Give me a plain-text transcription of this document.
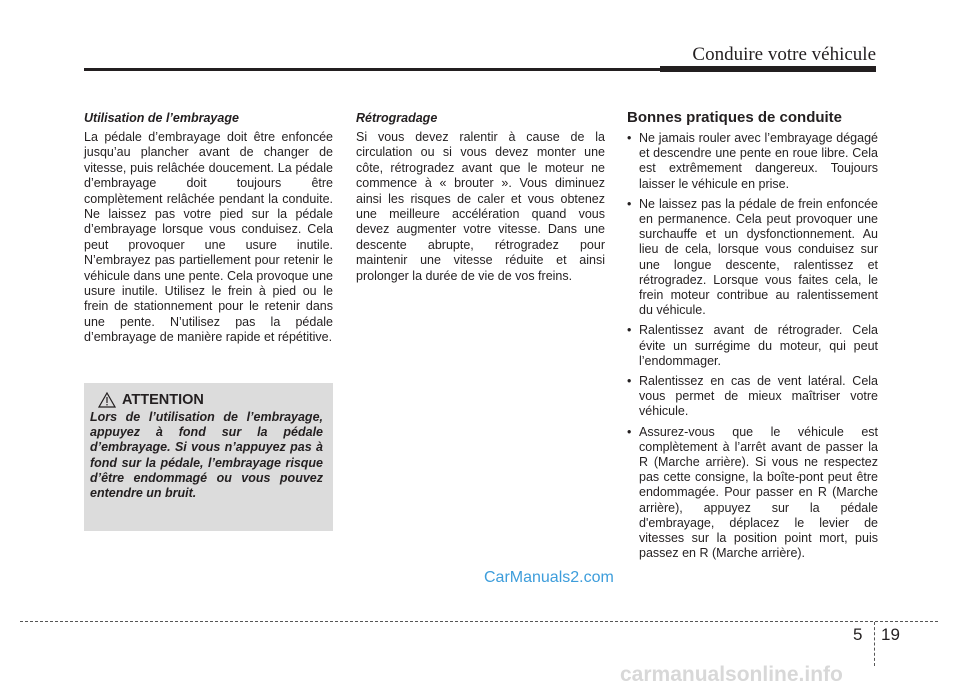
Conduire votre véhicule

Utilisation de l’embrayage

La pédale d’embrayage doit être enfoncée jusqu’au plancher avant de changer de vitesse, puis relâchée doucement. La pédale d’embrayage doit toujours être complètement relâchée pendant la conduite. Ne laissez pas votre pied sur la pédale d’embrayage lorsque vous conduisez. Cela peut provoquer une usure inutile. N’embrayez pas partiellement pour retenir le véhicule dans une pente. Cela provoque une usure inutile. Utilisez le frein à pied ou le frein de stationnement pour le retenir dans une pente. N’utilisez pas la pédale d’embrayage de manière rapide et répétitive.

ATTENTION
Lors de l’utilisation de l’embrayage, appuyez à fond sur la pédale d’embrayage. Si vous n’appuyez pas à fond sur la pédale, l’embrayage risque d’être endommagé ou vous pouvez entendre un bruit.

Rétrogradage

Si vous devez ralentir à cause de la circulation ou si vous devez monter une côte, rétrogradez avant que le moteur ne commence à « brouter ». Vous diminuez ainsi les risques de caler et vous obtenez une meilleure accélération quand vous devez augmenter votre vitesse. Dans une descente abrupte, rétrogradez pour maintenir une vitesse réduite et ainsi prolonger la durée de vie de vos freins.

Bonnes pratiques de conduite

• Ne jamais rouler avec l’embrayage dégagé et descendre une pente en roue libre. Cela est extrêmement dangereux. Toujours laisser le véhicule en prise.
• Ne laissez pas la pédale de frein enfoncée en permanence. Cela peut provoquer une surchauffe et un dysfonctionnement. Au lieu de cela, lorsque vous conduisez sur une longue descente, ralentissez et rétrogradez. Lorsque vous faites cela, le frein moteur contribue au ralentissement du véhicule.
• Ralentissez avant de rétrograder. Cela évite un surrégime du moteur, qui peut l’endommager.
• Ralentissez en cas de vent latéral. Cela vous permet de mieux maîtriser votre véhicule.
• Assurez-vous que le véhicule est complètement à l’arrêt avant de passer la R (Marche arrière). Si vous ne respectez pas cette consigne, la boîte-pont peut être endommagée. Pour passer en R (Marche arrière), appuyez sur la pédale d'embrayage, déplacez le levier de vitesses sur la position point mort, puis passez en R (Marche arrière).
CarManuals2.com
5 19
carmanualsonline.info
